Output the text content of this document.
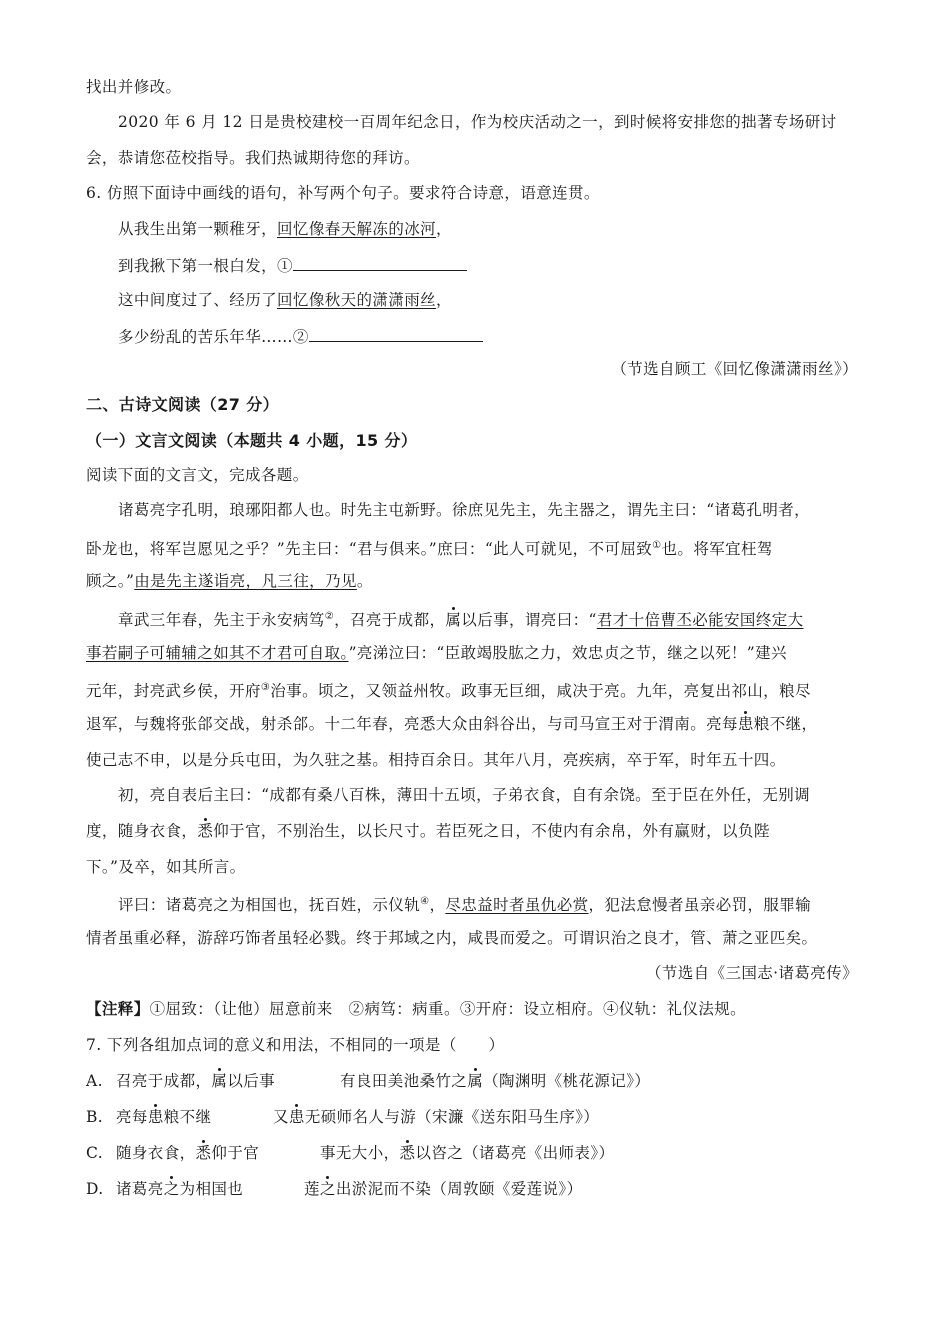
找出并修改。
2020 年 6 月 12 日是贵校建校一百周年纪念日，作为校庆活动之一，到时候将安排您的拙著专场研讨
会，恭请您莅校指导。我们热诚期待您的拜访。
6. 仿照下面诗中画线的语句，补写两个句子。要求符合诗意，语意连贯。
从我生出第一颗稚牙，回忆像春天解冻的冰河，
到我揪下第一根白发，①
这中间度过了、经历了回忆像秋天的潇潇雨丝，
多少纷乱的苦乐年华……②
（节选自顾工《回忆像潇潇雨丝》）
二、古诗文阅读（27 分）
（一）文言文阅读（本题共 4 小题，15 分）
阅读下面的文言文，完成各题。
诸葛亮字孔明，琅琊阳都人也。时先主屯新野。徐庶见先主，先主器之，谓先主曰：“诸葛孔明者，
卧龙也，将军岂愿见之乎？”先主曰：“君与俱来。”庶曰：“此人可就见，不可屈致①也。将军宜枉驾
顾之。”由是先主遂诣亮，凡三往，乃见。
章武三年春，先主于永安病笃②，召亮于成都，属以后事，谓亮曰：“君才十倍曹丕必能安国终定大
事若嗣子可辅辅之如其不才君可自取。”亮涕泣曰：“臣敢竭股肱之力，效忠贞之节，继之以死！”建兴
元年，封亮武乡侯，开府③治事。顷之，又领益州牧。政事无巨细，咸决于亮。九年，亮复出祁山，粮尽
退军，与魏将张郃交战，射杀郃。十二年春，亮悉大众由斜谷出，与司马宣王对于渭南。亮每患粮不继，
使己志不申，以是分兵屯田，为久驻之基。相持百余日。其年八月，亮疾病，卒于军，时年五十四。
初，亮自表后主曰：“成都有桑八百株，薄田十五顷，子弟衣食，自有余饶。至于臣在外任，无别调
度，随身衣食，悉仰于官，不别治生，以长尺寸。若臣死之日，不使内有余帛，外有赢财，以负陛
下。”及卒，如其所言。
评曰：诸葛亮之为相国也，抚百姓，示仪轨④，尽忠益时者虽仇必赏，犯法怠慢者虽亲必罚，服罪输
情者虽重必释，游辞巧饰者虽轻必戮。终于邦域之内，咸畏而爱之。可谓识治之良才，管、萧之亚匹矣。
（节选自《三国志·诸葛亮传》
【注释】①屈致：（让他）屈意前来　②病笃：病重。③开府：设立相府。④仪轨：礼仪法规。
7. 下列各组加点词的意义和用法，不相同的一项是（　　）
A. 召亮于成都，属以后事	有良田美池桑竹之属（陶渊明《桃花源记》）
B. 亮每患粮不继	又患无硕师名人与游（宋濂《送东阳马生序》）
C. 随身衣食，悉仰于官	事无大小，悉以咨之（诸葛亮《出师表》）
D. 诸葛亮之为相国也	莲之出淤泥而不染（周敦颐《爱莲说》）
